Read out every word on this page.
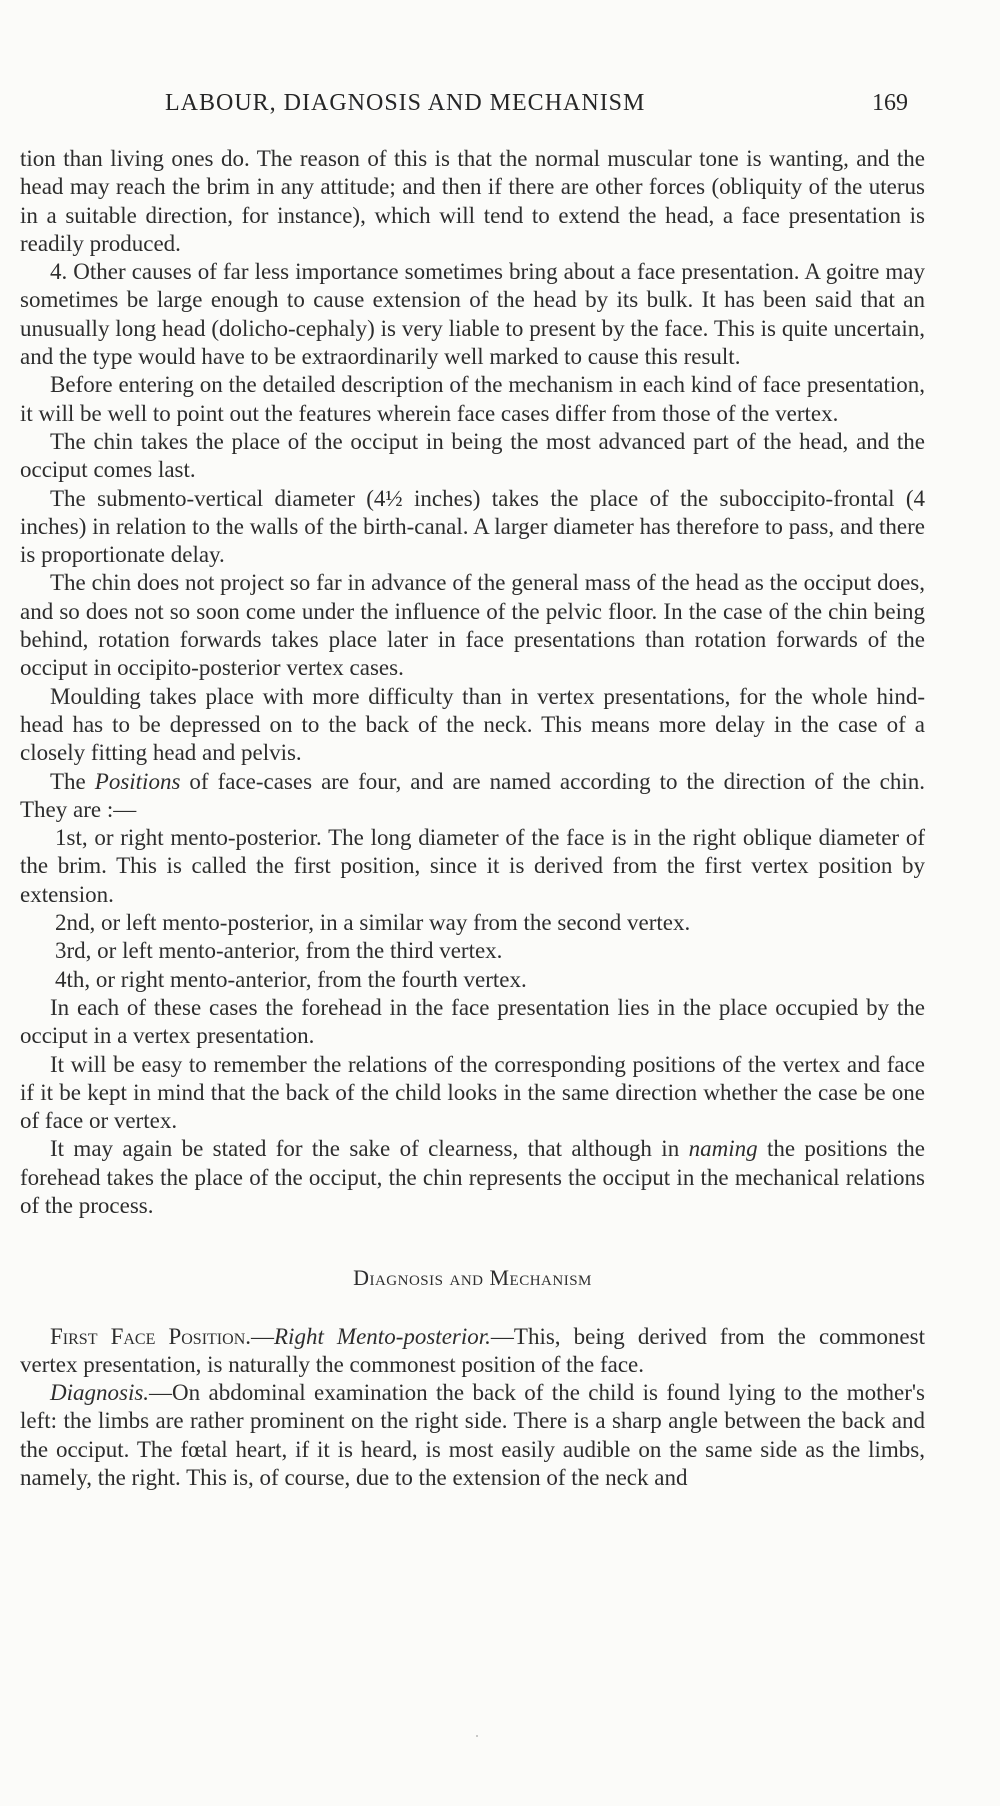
LABOUR, DIAGNOSIS AND MECHANISM	169

tion than living ones do. The reason of this is that the normal muscular tone is wanting, and the head may reach the brim in any attitude; and then if there are other forces (obliquity of the uterus in a suitable direction, for instance), which will tend to extend the head, a face presentation is readily produced.

4. Other causes of far less importance sometimes bring about a face presentation. A goitre may sometimes be large enough to cause extension of the head by its bulk. It has been said that an unusually long head (dolicho-cephaly) is very liable to present by the face. This is quite uncertain, and the type would have to be extraordinarily well marked to cause this result.

Before entering on the detailed description of the mechanism in each kind of face presentation, it will be well to point out the features wherein face cases differ from those of the vertex.

The chin takes the place of the occiput in being the most advanced part of the head, and the occiput comes last.

The submento-vertical diameter (4½ inches) takes the place of the suboccipito-frontal (4 inches) in relation to the walls of the birth-canal. A larger diameter has therefore to pass, and there is proportionate delay.

The chin does not project so far in advance of the general mass of the head as the occiput does, and so does not so soon come under the influence of the pelvic floor. In the case of the chin being behind, rotation forwards takes place later in face presentations than rotation forwards of the occiput in occipito-posterior vertex cases.

Moulding takes place with more difficulty than in vertex presentations, for the whole hind-head has to be depressed on to the back of the neck. This means more delay in the case of a closely fitting head and pelvis.

The Positions of face-cases are four, and are named according to the direction of the chin. They are :—

1st, or right mento-posterior. The long diameter of the face is in the right oblique diameter of the brim. This is called the first position, since it is derived from the first vertex position by extension.

2nd, or left mento-posterior, in a similar way from the second vertex.

3rd, or left mento-anterior, from the third vertex.

4th, or right mento-anterior, from the fourth vertex.

In each of these cases the forehead in the face presentation lies in the place occupied by the occiput in a vertex presentation.

It will be easy to remember the relations of the corresponding positions of the vertex and face if it be kept in mind that the back of the child looks in the same direction whether the case be one of face or vertex.

It may again be stated for the sake of clearness, that although in naming the positions the forehead takes the place of the occiput, the chin represents the occiput in the mechanical relations of the process.

Diagnosis and Mechanism

First Face Position.—Right Mento-posterior.—This, being derived from the commonest vertex presentation, is naturally the commonest position of the face.

Diagnosis.—On abdominal examination the back of the child is found lying to the mother's left: the limbs are rather prominent on the right side. There is a sharp angle between the back and the occiput. The fœtal heart, if it is heard, is most easily audible on the same side as the limbs, namely, the right. This is, of course, due to the extension of the neck and
